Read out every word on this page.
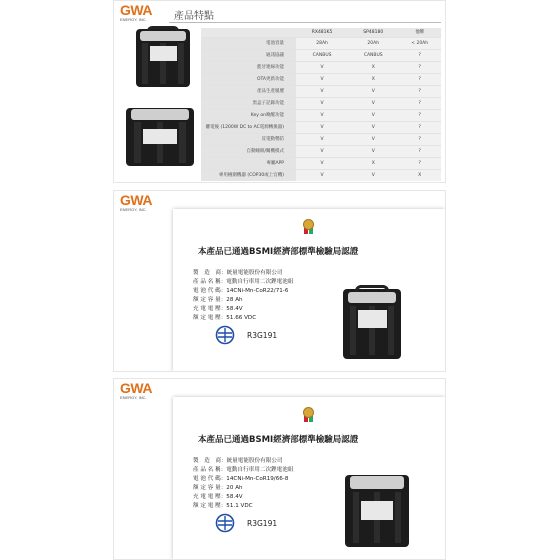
GWA
ENERGY, INC.	產品特點
	RX481K5	SP48180	他牌
電池容量	28Ah	20Ah	< 20Ah
通訊協議	CANBUS	CANBUS	?
藍牙連線功能	V	X	?
OTA更新功能	V	X	?
產品生產履歷	V	V	?
黑盒子記錄功能	V	V	?
Key on喚醒功能	V	V	?
離電後 (1200W DC to AC電源轉換器)	V	V	?
反電動勢防	V	V	?
自動睡眠/關機模式	V	V	?
專屬APP	V	X	?
專用檢測機器 (COP30或上官機)	V	V	X
GWA
ENERGY, INC.
本產品已通過BSMI經濟部標準檢驗局認證
製　造　商：統量電能股份有限公司
產 品 名 稱：電動自行車用二次鋰電池組
電 池 代 碼：14CNi-Mn-CoR22/71-6
額 定 容 量：28 Ah
充 電 電 壓：58.4V
額 定 電 壓：51.66 VDC
R3G191
GWA
ENERGY, INC.
本產品已通過BSMI經濟部標準檢驗局認證
製　造　商：統量電能股份有限公司
產 品 名 稱：電動自行車用二次鋰電池組
電 池 代 碼：14CNi-Mn-CoR19/66-8
額 定 容 量：20 Ah
充 電 電 壓：58.4V
額 定 電 壓：51.1 VDC
R3G191
